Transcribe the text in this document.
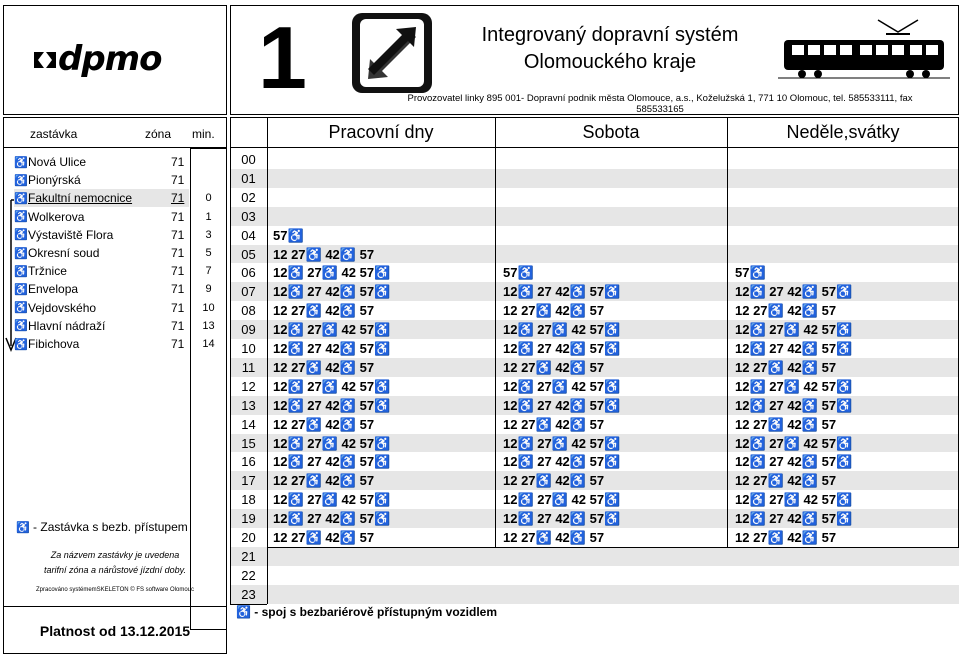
dpmo 1	Integrovaný dopravní systém
Olomouckého kraje
Provozovatel linky 895 001- Dopravní podnik města Olomouce, a.s., Koželužská 1, 771 10 Olomouc, tel. 585533111, fax 585533165
zastávka	zóna min.
♿ Nová Ulice	71
♿ Pionýrská	71
♿ Fakultní nemocnice	71	0
♿ Wolkerova	71	1
♿ Výstaviště Flora	71	3
♿ Okresní soud	71	5
♿ Tržnice	71	7
♿ Envelopa	71	9
♿ Vejdovského	71	10
♿ Hlavní nádraží	71	13
♿ Fibichova	71	14
♿ - Zastávka s bezb. přístupem
Za názvem zastávky je uvedena
tarifní zóna a nárůstové jízdní doby.
Zpracováno systémemSKELETON © FS software Olomouc
Platnost od 13.12.2015
Pracovní dny	Sobota	Neděle,svátky
00
01
02
03
04	57♿
05	12 27♿ 42♿ 57
06	12♿ 27♿ 42 57♿	57♿	57♿
07	12♿ 27 42♿ 57♿	12♿ 27 42♿ 57♿	12♿ 27 42♿ 57♿
08	12 27♿ 42♿ 57	12 27♿ 42♿ 57	12 27♿ 42♿ 57
09	12♿ 27♿ 42 57♿	12♿ 27♿ 42 57♿	12♿ 27♿ 42 57♿
10	12♿ 27 42♿ 57♿	12♿ 27 42♿ 57♿	12♿ 27 42♿ 57♿
11	12 27♿ 42♿ 57	12 27♿ 42♿ 57	12 27♿ 42♿ 57
12	12♿ 27♿ 42 57♿	12♿ 27♿ 42 57♿	12♿ 27♿ 42 57♿
13	12♿ 27 42♿ 57♿	12♿ 27 42♿ 57♿	12♿ 27 42♿ 57♿
14	12 27♿ 42♿ 57	12 27♿ 42♿ 57	12 27♿ 42♿ 57
15	12♿ 27♿ 42 57♿	12♿ 27♿ 42 57♿	12♿ 27♿ 42 57♿
16	12♿ 27 42♿ 57♿	12♿ 27 42♿ 57♿	12♿ 27 42♿ 57♿
17	12 27♿ 42♿ 57	12 27♿ 42♿ 57	12 27♿ 42♿ 57
18	12♿ 27♿ 42 57♿	12♿ 27♿ 42 57♿	12♿ 27♿ 42 57♿
19	12♿ 27 42♿ 57♿	12♿ 27 42♿ 57♿	12♿ 27 42♿ 57♿
20	12 27♿ 42♿ 57	12 27♿ 42♿ 57	12 27♿ 42♿ 57
21
22
23
♿ - spoj s bezbariérově přístupným vozidlem
